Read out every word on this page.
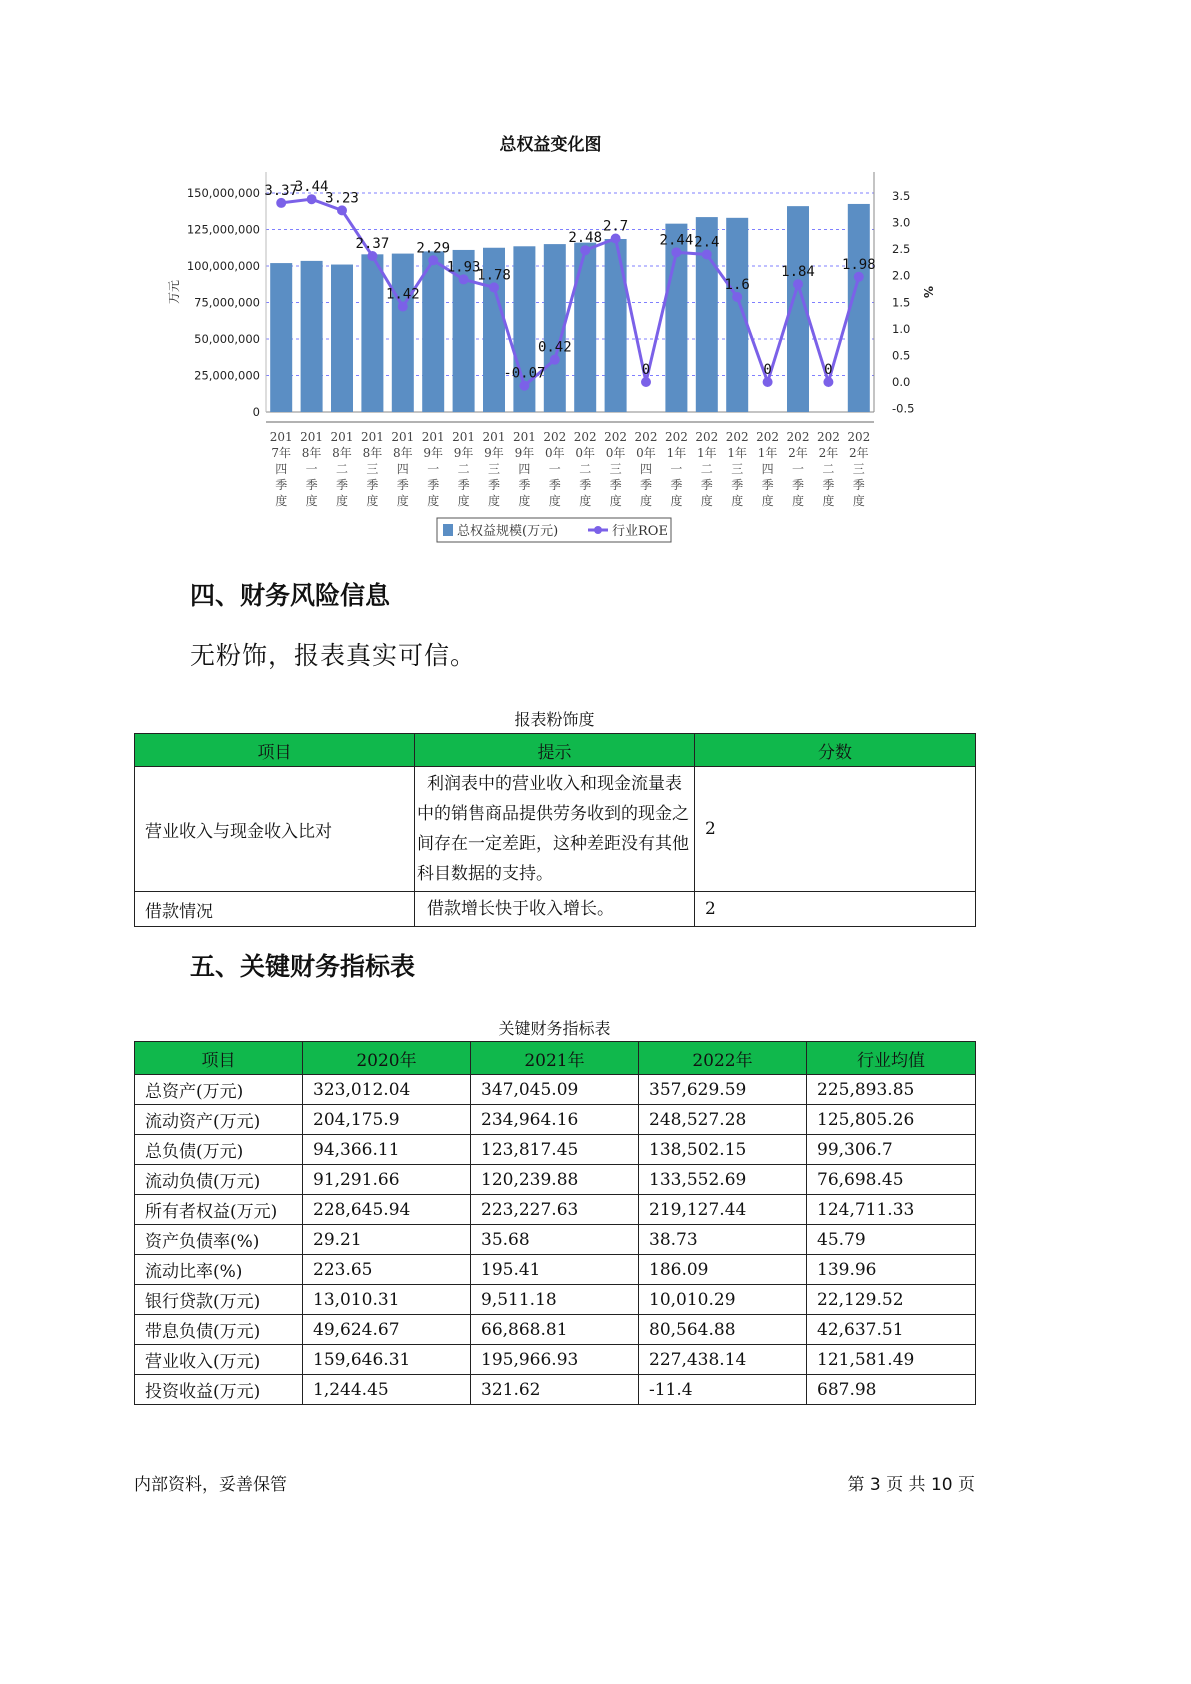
总权益变化图
0
25,000,000
50,000,000
75,000,000
100,000,000
125,000,000
150,000,000
-0.5
0.0
0.5
1.0
1.5
2.0
2.5
3.0
3.5
万元	%
3.37
3.44
3.23
2.37
1.42
2.29
1.93
1.78
-0.07
0.42
2.48
2.7
0
2.44 2.4
1.6
0
1.84
0
1.98
201
7年
四
季
度
201
8年
一
季
度
201
8年
二
季
度
201
8年
三
季
度
201
8年
四
季
度
201
9年
一
季
度
201
9年
二
季
度
201
9年
三
季
度
201
9年
四
季
度
202
0年
一
季
度
202
0年
二
季
度
202
0年
三
季
度
202
0年
四
季
度
202
1年
一
季
度
202
1年
二
季
度
202
1年
三
季
度
202
1年
四
季
度
202
2年
一
季
度
202
2年
二
季
度
202
2年
三
季
度
总权益规模(万元)	行业ROE
四、财务风险信息
无粉饰，报表真实可信。
报表粉饰度
项目	提示	分数
营业收入与现金收入比对	利润表中的营业收入和现金流量表中的销售商品提供劳务收到的现金之间存在一定差距，这种差距没有其他科目数据的支持。	2
借款情况	借款增长快于收入增长。	2
五、关键财务指标表
关键财务指标表
项目	2020年	2021年	2022年	行业均值
总资产(万元)	323,012.04	347,045.09	357,629.59	225,893.85
流动资产(万元)	204,175.9	234,964.16	248,527.28	125,805.26
总负债(万元)	94,366.11	123,817.45	138,502.15	99,306.7
流动负债(万元)	91,291.66	120,239.88	133,552.69	76,698.45
所有者权益(万元)	228,645.94	223,227.63	219,127.44	124,711.33
资产负债率(%)	29.21	35.68	38.73	45.79
流动比率(%)	223.65	195.41	186.09	139.96
银行贷款(万元)	13,010.31	9,511.18	10,010.29	22,129.52
带息负债(万元)	49,624.67	66,868.81	80,564.88	42,637.51
营业收入(万元)	159,646.31	195,966.93	227,438.14	121,581.49
投资收益(万元)	1,244.45	321.62	-11.4	687.98
内部资料，妥善保管	第 3 页 共 10 页
